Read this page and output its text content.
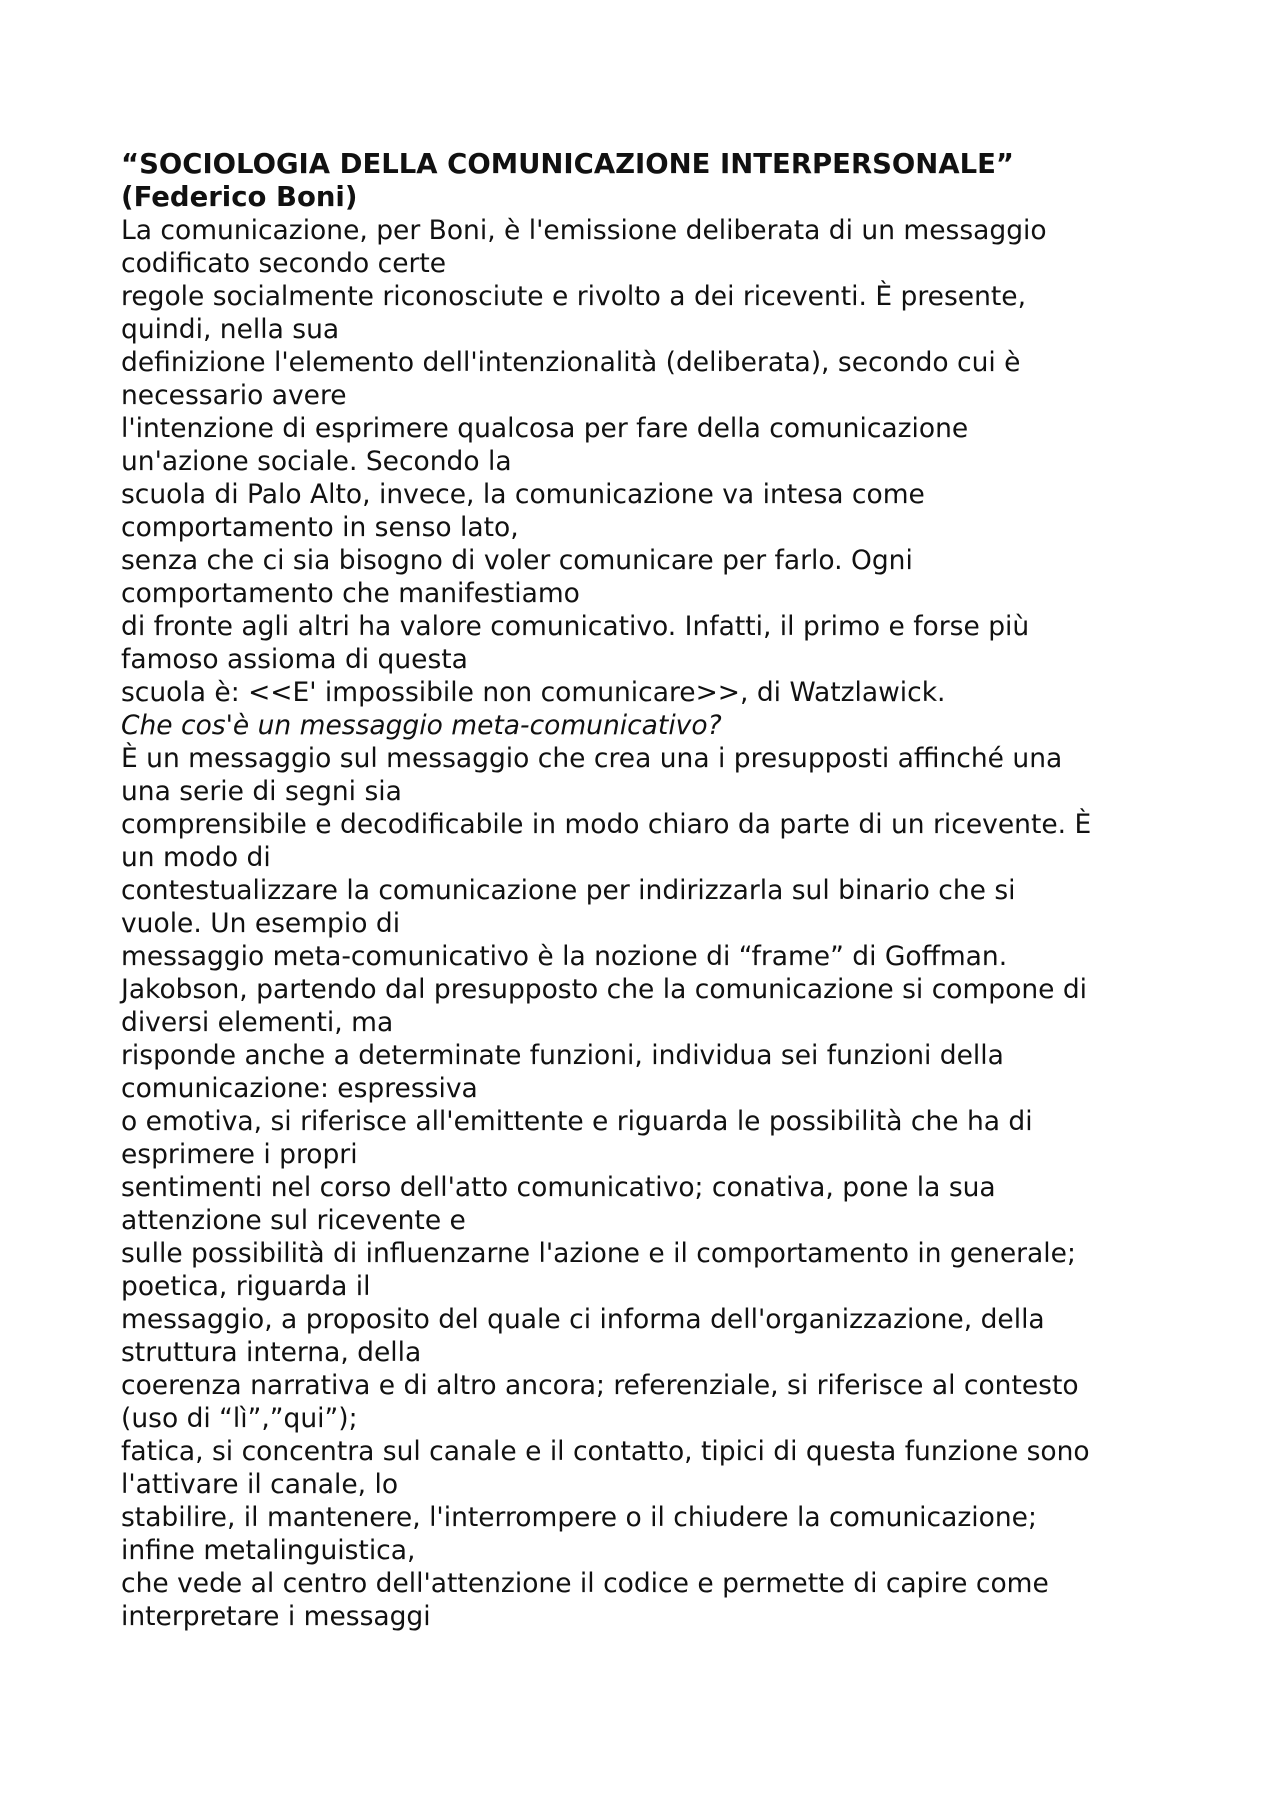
“SOCIOLOGIA DELLA COMUNICAZIONE INTERPERSONALE”
(Federico Boni)
La comunicazione, per Boni, è l'emissione deliberata di un messaggio
codificato secondo certe
regole socialmente riconosciute e rivolto a dei riceventi. È presente,
quindi, nella sua
definizione l'elemento dell'intenzionalità (deliberata), secondo cui è
necessario avere
l'intenzione di esprimere qualcosa per fare della comunicazione
un'azione sociale. Secondo la
scuola di Palo Alto, invece, la comunicazione va intesa come
comportamento in senso lato,
senza che ci sia bisogno di voler comunicare per farlo. Ogni
comportamento che manifestiamo
di fronte agli altri ha valore comunicativo. Infatti, il primo e forse più
famoso assioma di questa
scuola è: <<E' impossibile non comunicare>>, di Watzlawick.
Che cos'è un messaggio meta-comunicativo?
È un messaggio sul messaggio che crea una i presupposti affinché una
una serie di segni sia
comprensibile e decodificabile in modo chiaro da parte di un ricevente. È
un modo di
contestualizzare la comunicazione per indirizzarla sul binario che si
vuole. Un esempio di
messaggio meta-comunicativo è la nozione di “frame” di Goffman.
Jakobson, partendo dal presupposto che la comunicazione si compone di
diversi elementi, ma
risponde anche a determinate funzioni, individua sei funzioni della
comunicazione: espressiva
o emotiva, si riferisce all'emittente e riguarda le possibilità che ha di
esprimere i propri
sentimenti nel corso dell'atto comunicativo; conativa, pone la sua
attenzione sul ricevente e
sulle possibilità di influenzarne l'azione e il comportamento in generale;
poetica, riguarda il
messaggio, a proposito del quale ci informa dell'organizzazione, della
struttura interna, della
coerenza narrativa e di altro ancora; referenziale, si riferisce al contesto
(uso di “lì”,”qui”);
fatica, si concentra sul canale e il contatto, tipici di questa funzione sono
l'attivare il canale, lo
stabilire, il mantenere, l'interrompere o il chiudere la comunicazione;
infine metalinguistica,
che vede al centro dell'attenzione il codice e permette di capire come
interpretare i messaggi
